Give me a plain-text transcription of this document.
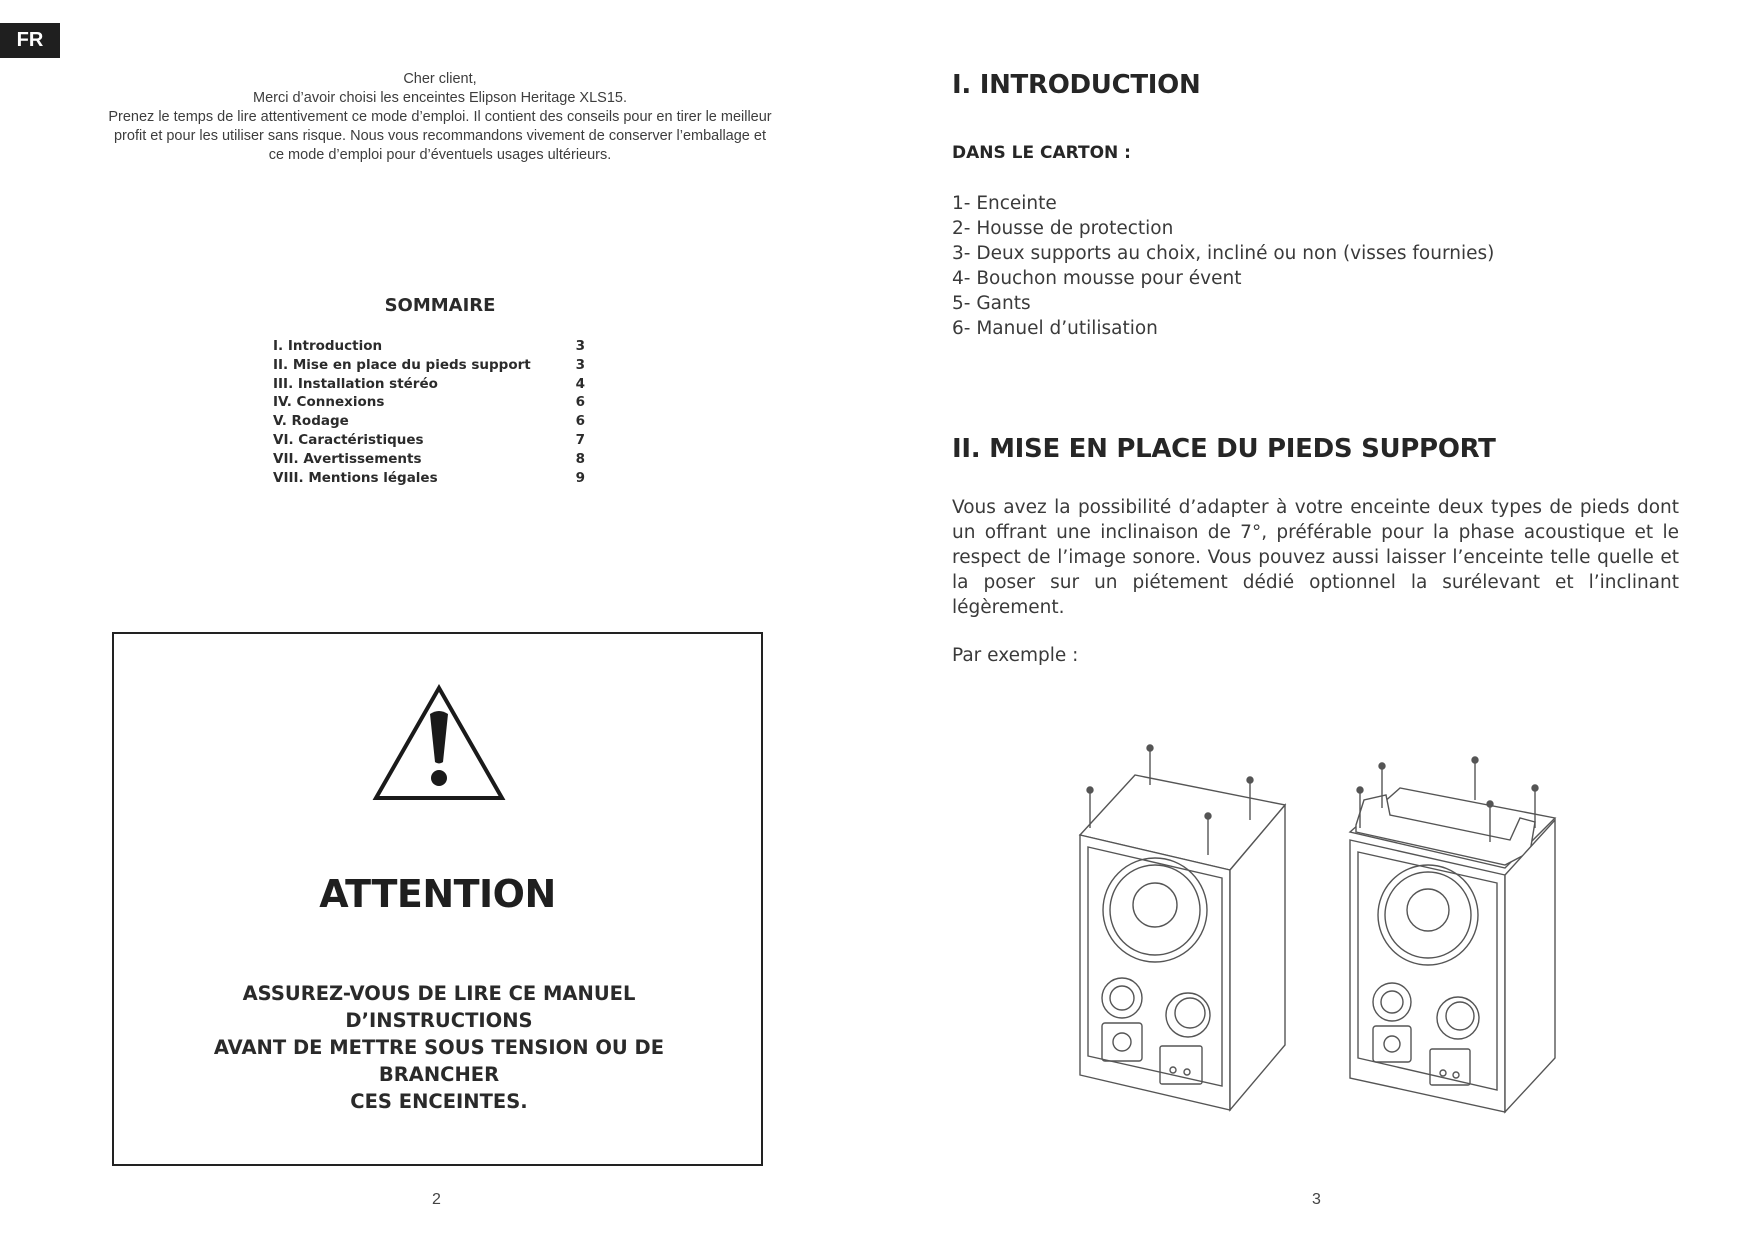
FR
Cher client,
Merci d’avoir choisi les enceintes Elipson Heritage XLS15.
Prenez le temps de lire attentivement ce mode d’emploi. Il contient des conseils pour en tirer le meilleur
profit et pour les utiliser sans risque. Nous vous recommandons vivement de conserver l’emballage et
ce mode d’emploi pour d’éventuels usages ultérieurs.
SOMMAIRE
I. Introduction	3
II. Mise en place du pieds support	3
III. Installation stéréo	4
IV. Connexions	6
V. Rodage	6
VI. Caractéristiques	7
VII. Avertissements	8
VIII. Mentions légales	9
ATTENTION
ASSUREZ-VOUS DE LIRE CE MANUEL D’INSTRUCTIONS
AVANT DE METTRE SOUS TENSION OU DE BRANCHER
CES ENCEINTES.
2
I. INTRODUCTION
DANS LE CARTON :
1- Enceinte
2- Housse de protection
3- Deux supports au choix, incliné ou non (visses fournies)
4- Bouchon mousse pour évent
5- Gants
6- Manuel d’utilisation
II. MISE EN PLACE DU PIEDS SUPPORT
Vous avez la possibilité d’adapter à votre enceinte deux types de pieds dont un offrant une inclinaison de 7°, préférable pour la phase acoustique et le respect de l’image sonore. Vous pouvez aussi laisser l’enceinte telle quelle et la poser sur un piétement dédié optionnel la surélevant et l’inclinant légèrement.
Par exemple :
3
